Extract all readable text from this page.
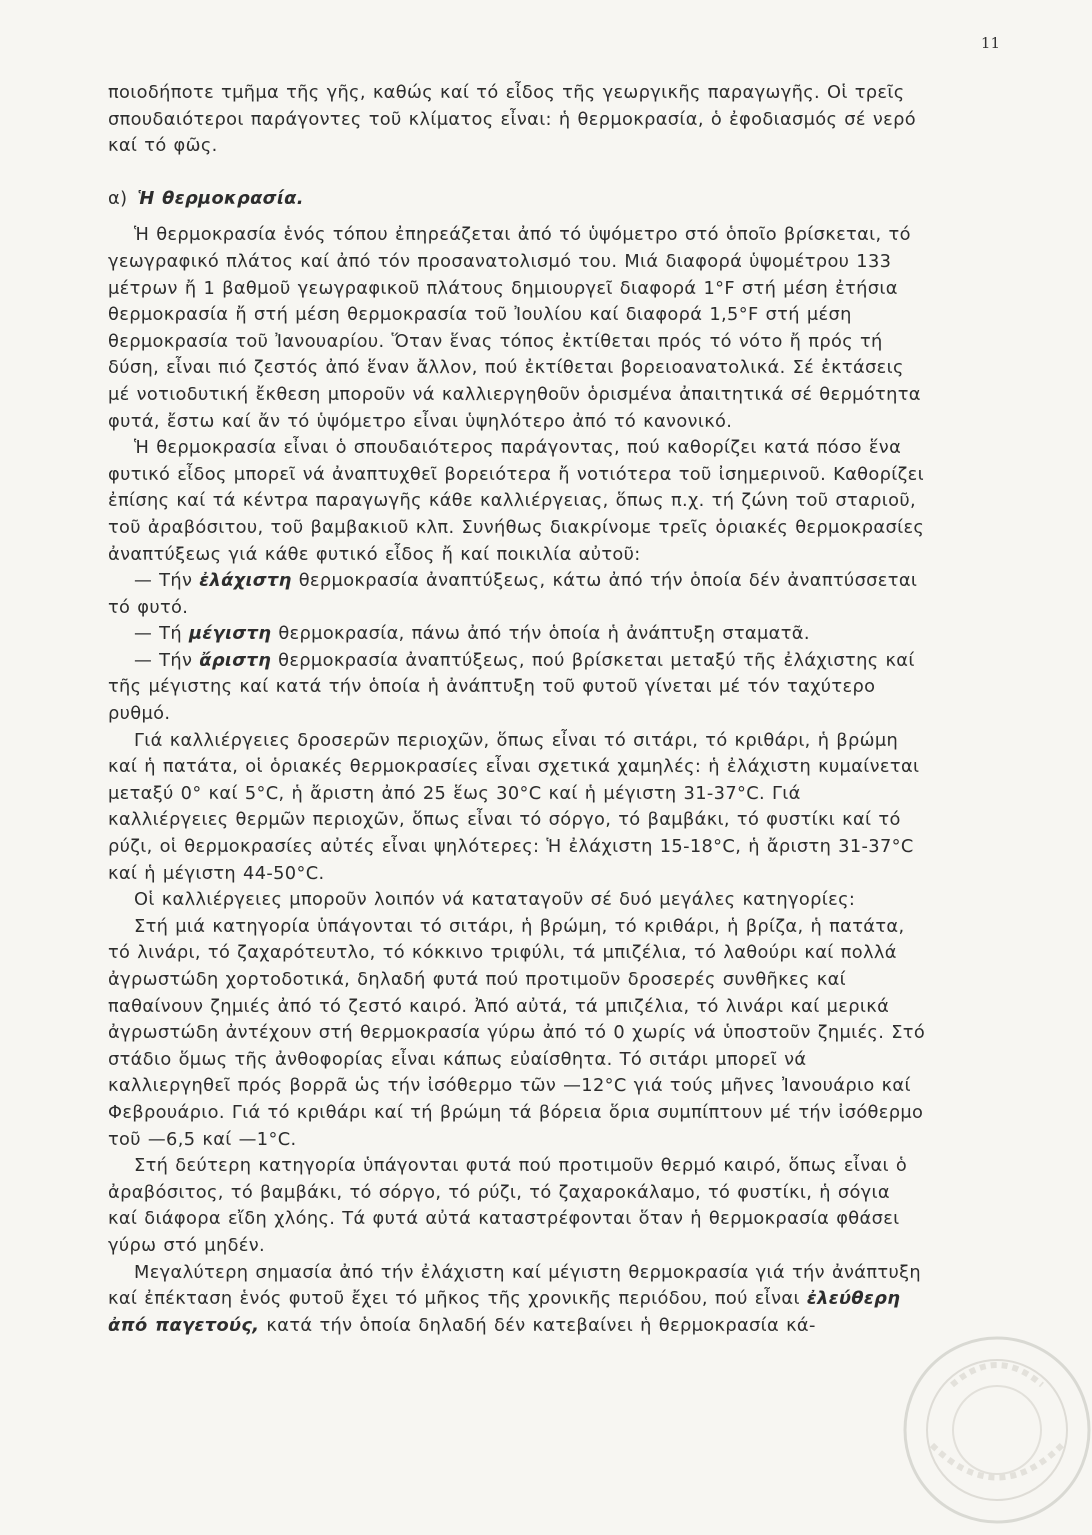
11

ποιοδήποτε τμῆμα τῆς γῆς, καθώς καί τό εἶδος τῆς γεωργικῆς παραγωγῆς. Οἱ τρεῖς σπουδαιότεροι παράγοντες τοῦ κλίματος εἶναι: ἡ θερμοκρασία, ὁ ἐφοδιασμός σέ νερό καί τό φῶς.

α) Ἡ θερμοκρασία.

Ἡ θερμοκρασία ἑνός τόπου ἐπηρεάζεται ἀπό τό ὑψόμετρο στό ὁποῖο βρίσκεται, τό γεωγραφικό πλάτος καί ἀπό τόν προσανατολισμό του. Μιά διαφορά ὑψομέτρου 133 μέτρων ἤ 1 βαθμοῦ γεωγραφικοῦ πλάτους δημιουργεῖ διαφορά 1°F στή μέση ἐτήσια θερμοκρασία ἤ στή μέση θερμοκρασία τοῦ Ἰουλίου καί διαφορά 1,5°F στή μέση θερμοκρασία τοῦ Ἰανουαρίου. Ὅταν ἕνας τόπος ἐκτίθεται πρός τό νότο ἤ πρός τή δύση, εἶναι πιό ζεστός ἀπό ἕναν ἄλλον, πού ἐκτίθεται βορειοανατολικά. Σέ ἐκτάσεις μέ νοτιοδυτική ἔκθεση μποροῦν νά καλλιεργηθοῦν ὁρισμένα ἀπαιτητικά σέ θερμότητα φυτά, ἔστω καί ἄν τό ὑψόμετρο εἶναι ὑψηλότερο ἀπό τό κανονικό.

Ἡ θερμοκρασία εἶναι ὁ σπουδαιότερος παράγοντας, πού καθορίζει κατά πόσο ἕνα φυτικό εἶδος μπορεῖ νά ἀναπτυχθεῖ βορειότερα ἤ νοτιότερα τοῦ ἰσημερινοῦ. Καθορίζει ἐπίσης καί τά κέντρα παραγωγῆς κάθε καλλιέργειας, ὅπως π.χ. τή ζώνη τοῦ σταριοῦ, τοῦ ἀραβόσιτου, τοῦ βαμβακιοῦ κλπ. Συνήθως διακρίνομε τρεῖς ὁριακές θερμοκρασίες ἀναπτύξεως γιά κάθε φυτικό εἶδος ἤ καί ποικιλία αὐτοῦ:

— Τήν ἐλάχιστη θερμοκρασία ἀναπτύξεως, κάτω ἀπό τήν ὁποία δέν ἀναπτύσσεται τό φυτό.

— Τή μέγιστη θερμοκρασία, πάνω ἀπό τήν ὁποία ἡ ἀνάπτυξη σταματᾶ.

— Τήν ἄριστη θερμοκρασία ἀναπτύξεως, πού βρίσκεται μεταξύ τῆς ἐλάχιστης καί τῆς μέγιστης καί κατά τήν ὁποία ἡ ἀνάπτυξη τοῦ φυτοῦ γίνεται μέ τόν ταχύτερο ρυθμό.

Γιά καλλιέργειες δροσερῶν περιοχῶν, ὅπως εἶναι τό σιτάρι, τό κριθάρι, ἡ βρώμη καί ἡ πατάτα, οἱ ὁριακές θερμοκρασίες εἶναι σχετικά χαμηλές: ἡ ἐλάχιστη κυμαίνεται μεταξύ 0° καί 5°C, ἡ ἄριστη ἀπό 25 ἕως 30°C καί ἡ μέγιστη 31-37°C. Γιά καλλιέργειες θερμῶν περιοχῶν, ὅπως εἶναι τό σόργο, τό βαμβάκι, τό φυστίκι καί τό ρύζι, οἱ θερμοκρασίες αὐτές εἶναι ψηλότερες: Ἡ ἐλάχιστη 15-18°C, ἡ ἄριστη 31-37°C καί ἡ μέγιστη 44-50°C.

Οἱ καλλιέργειες μποροῦν λοιπόν νά καταταγοῦν σέ δυό μεγάλες κατηγορίες:

Στή μιά κατηγορία ὑπάγονται τό σιτάρι, ἡ βρώμη, τό κριθάρι, ἡ βρίζα, ἡ πατάτα, τό λινάρι, τό ζαχαρότευτλο, τό κόκκινο τριφύλι, τά μπιζέλια, τό λαθούρι καί πολλά ἀγρωστώδη χορτοδοτικά, δηλαδή φυτά πού προτιμοῦν δροσερές συνθῆκες καί παθαίνουν ζημιές ἀπό τό ζεστό καιρό. Ἀπό αὐτά, τά μπιζέλια, τό λινάρι καί μερικά ἀγρωστώδη ἀντέχουν στή θερμοκρασία γύρω ἀπό τό 0 χωρίς νά ὑποστοῦν ζημιές. Στό στάδιο ὅμως τῆς ἀνθοφορίας εἶναι κάπως εὐαίσθητα. Τό σιτάρι μπορεῖ νά καλλιεργηθεῖ πρός βορρᾶ ὡς τήν ἰσόθερμο τῶν —12°C γιά τούς μῆνες Ἰανουάριο καί Φεβρουάριο. Γιά τό κριθάρι καί τή βρώμη τά βόρεια ὅρια συμπίπτουν μέ τήν ἰσόθερμο τοῦ —6,5 καί —1°C.

Στή δεύτερη κατηγορία ὑπάγονται φυτά πού προτιμοῦν θερμό καιρό, ὅπως εἶναι ὁ ἀραβόσιτος, τό βαμβάκι, τό σόργο, τό ρύζι, τό ζαχαροκάλαμο, τό φυστίκι, ἡ σόγια καί διάφορα εἴδη χλόης. Τά φυτά αὐτά καταστρέφονται ὅταν ἡ θερμοκρασία φθάσει γύρω στό μηδέν.

Μεγαλύτερη σημασία ἀπό τήν ἐλάχιστη καί μέγιστη θερμοκρασία γιά τήν ἀνάπτυξη καί ἐπέκταση ἑνός φυτοῦ ἔχει τό μῆκος τῆς χρονικῆς περιόδου, πού εἶναι ἐλεύθερη ἀπό παγετούς, κατά τήν ὁποία δηλαδή δέν κατεβαίνει ἡ θερμοκρασία κά-
